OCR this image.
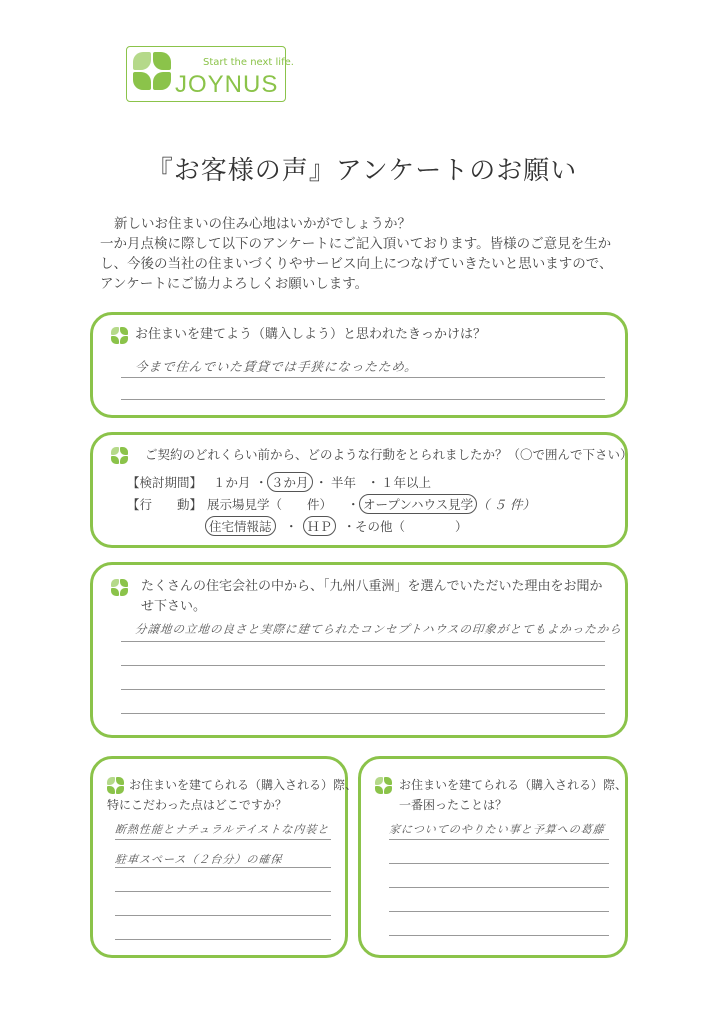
Start the next life.
JOYNUS
『お客様の声』アンケートのお願い

新しいお住まいの住み心地はいかがでしょうか？

一か月点検に際して以下のアンケートにご記入頂いております。皆様のご意見を生か

し、今後の当社の住まいづくりやサービス向上につなげていきたいと思いますので、

アンケートにご協力よろしくお願いします。

お住まいを建てよう（購入しよう）と思われたきっかけは？
今まで住んでいた賃貸では手狭になったため。
ご契約のどれくらい前から、どのような行動をとられましたか？（〇で囲んで下さい）
【検討期間】 １か月 ・ ３か月 ・ 半年 ・ １年以上
【行　　動】 展示場見学（　　件） ・ オープンハウス見学 （ ５ 件）
住宅情報誌	・ ＨＰ ・ その他（　　　　）
たくさんの住宅会社の中から、「九州八重洲」を選んでいただいた理由をお聞か
せ下さい。
分譲地の立地の良さと実際に建てられたコンセプトハウスの印象がとてもよかったから
お住まいを建てられる（購入される）際、
特にこだわった点はどこですか？
断熱性能とナチュラルテイストな内装と
駐車スペース（２台分）の確保
お住まいを建てられる（購入される）際、
一番困ったことは？
家についてのやりたい事と予算への葛藤
